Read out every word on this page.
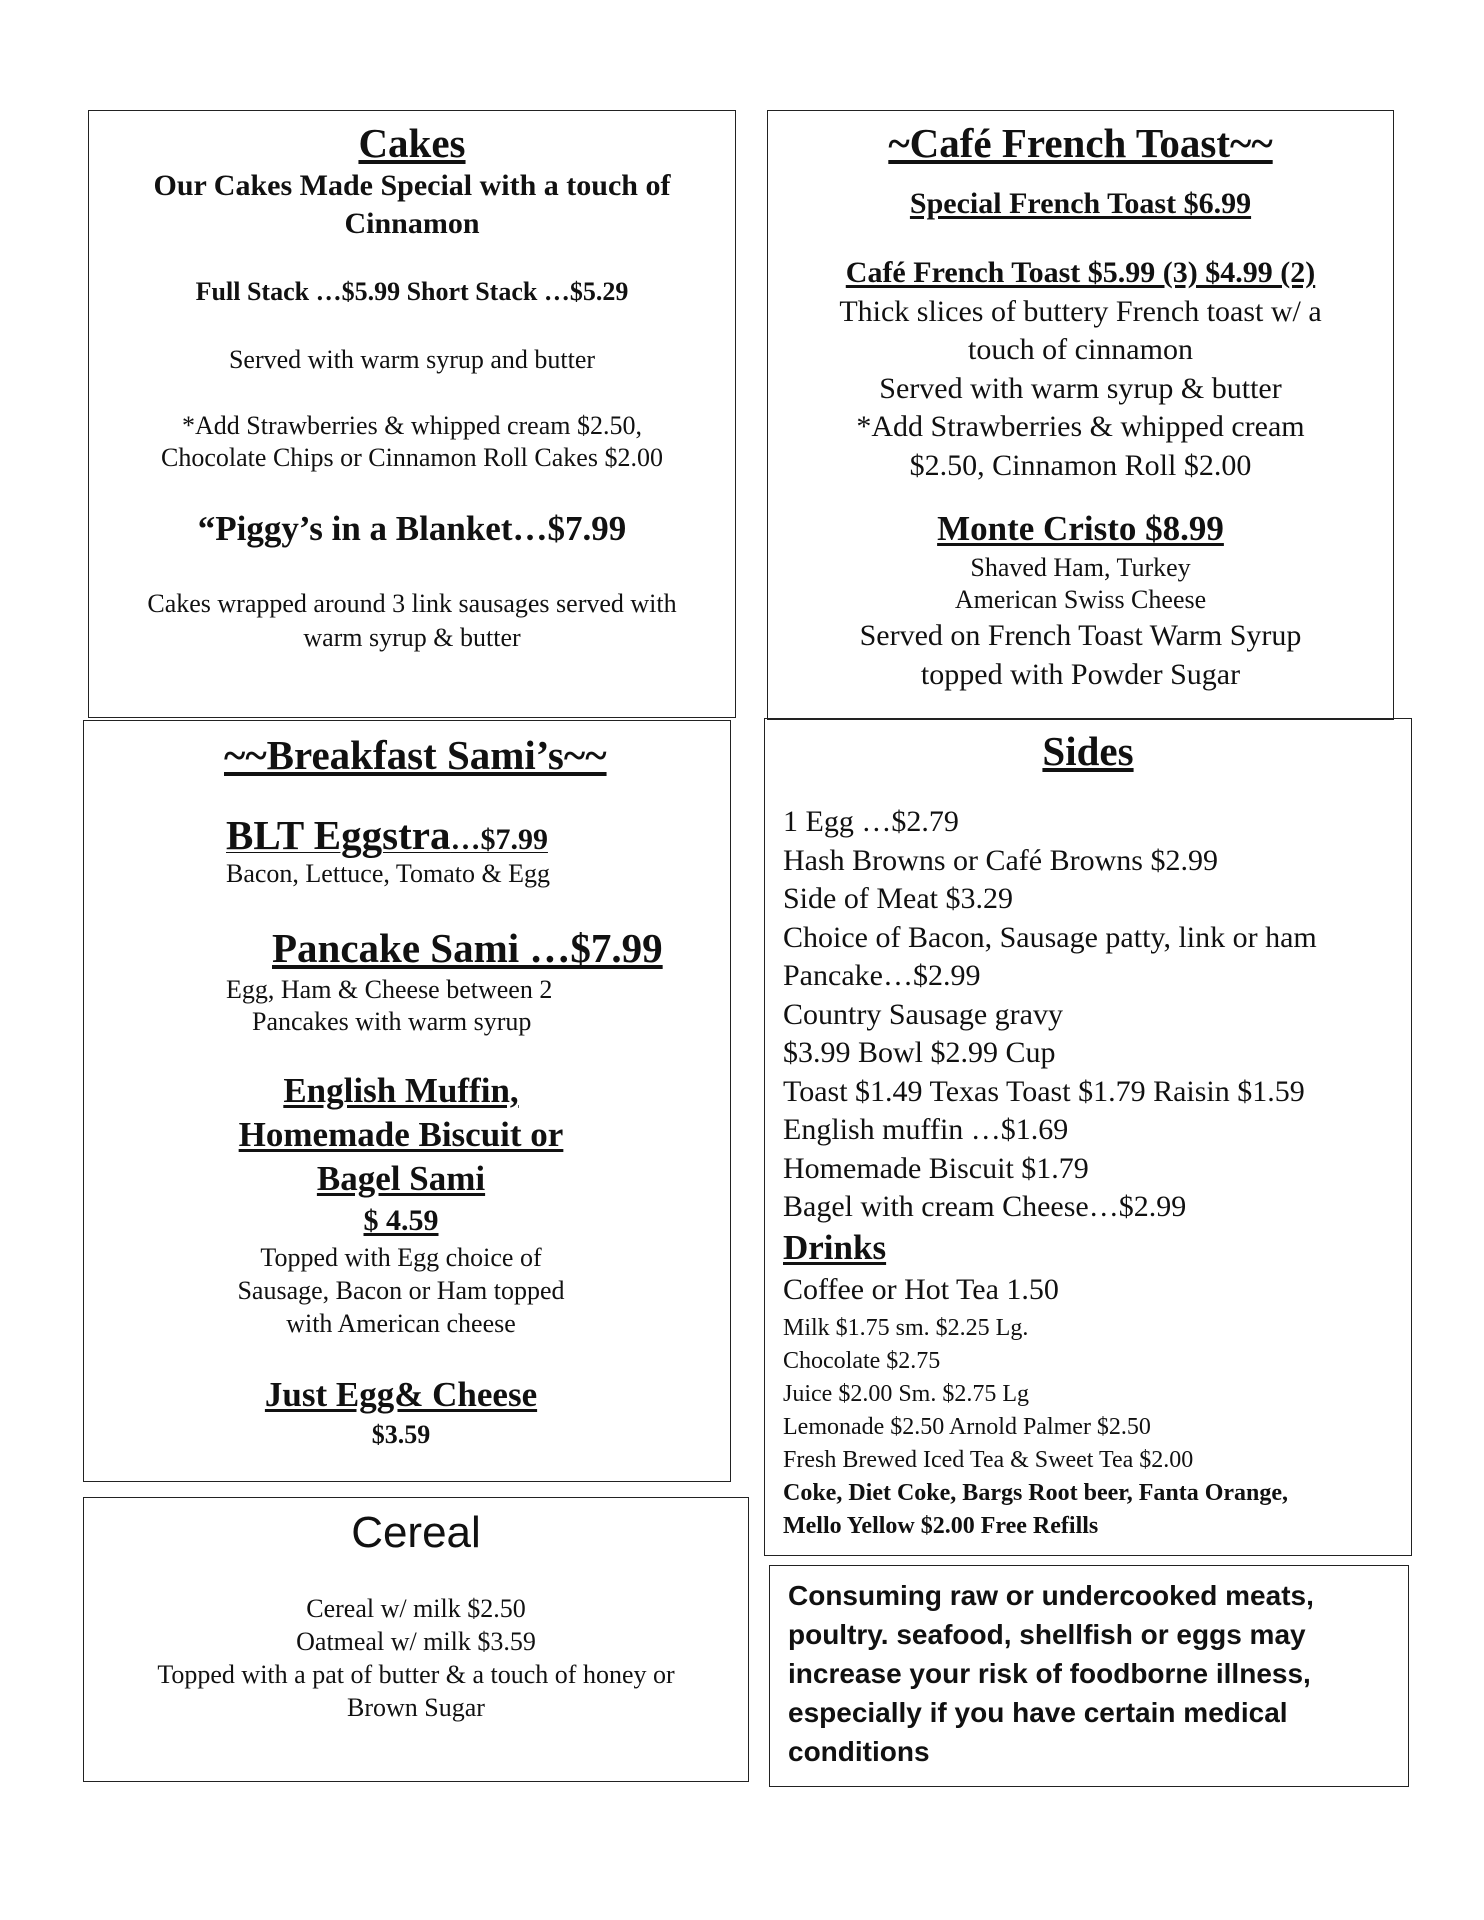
Cakes

Our Cakes Made Special with a touch of

Cinnamon

Full Stack …$5.99 Short Stack …$5.29

Served with warm syrup and butter

*Add Strawberries & whipped cream $2.50,

Chocolate Chips or Cinnamon Roll Cakes $2.00

“Piggy’s in a Blanket…$7.99

Cakes wrapped around 3 link sausages served with

warm syrup & butter

~Café French Toast~~

Special French Toast $6.99

Café French Toast $5.99 (3) $4.99 (2)

Thick slices of buttery French toast w/ a

touch of cinnamon

Served with warm syrup & butter

*Add Strawberries & whipped cream

$2.50, Cinnamon Roll $2.00

Monte Cristo $8.99

Shaved Ham, Turkey

American Swiss Cheese

Served on French Toast Warm Syrup

topped with Powder Sugar

~~Breakfast Sami’s~~

BLT Eggstra…$7.99

Bacon, Lettuce, Tomato & Egg

Pancake Sami …$7.99

Egg, Ham & Cheese between 2

Pancakes with warm syrup

English Muffin,

Homemade Biscuit or

Bagel Sami

$ 4.59

Topped with Egg choice of

Sausage, Bacon or Ham topped

with American cheese

Just Egg& Cheese

$3.59

Sides

1 Egg …$2.79

Hash Browns or Café Browns $2.99

Side of Meat $3.29

Choice of Bacon, Sausage patty, link or ham

Pancake…$2.99

Country Sausage gravy

$3.99 Bowl $2.99 Cup

Toast $1.49 Texas Toast $1.79 Raisin $1.59

English muffin …$1.69

Homemade Biscuit $1.79

Bagel with cream Cheese…$2.99

Drinks

Coffee or Hot Tea 1.50

Milk $1.75 sm. $2.25 Lg.

Chocolate $2.75

Juice $2.00 Sm. $2.75 Lg

Lemonade $2.50 Arnold Palmer $2.50

Fresh Brewed Iced Tea & Sweet Tea $2.00

Coke, Diet Coke, Bargs Root beer, Fanta Orange,

Mello Yellow $2.00 Free Refills

Cereal

Cereal w/ milk $2.50

Oatmeal w/ milk $3.59

Topped with a pat of butter & a touch of honey or

Brown Sugar

Consuming raw or undercooked meats,

poultry. seafood, shellfish or eggs may

increase your risk of foodborne illness,

especially if you have certain medical

conditions
